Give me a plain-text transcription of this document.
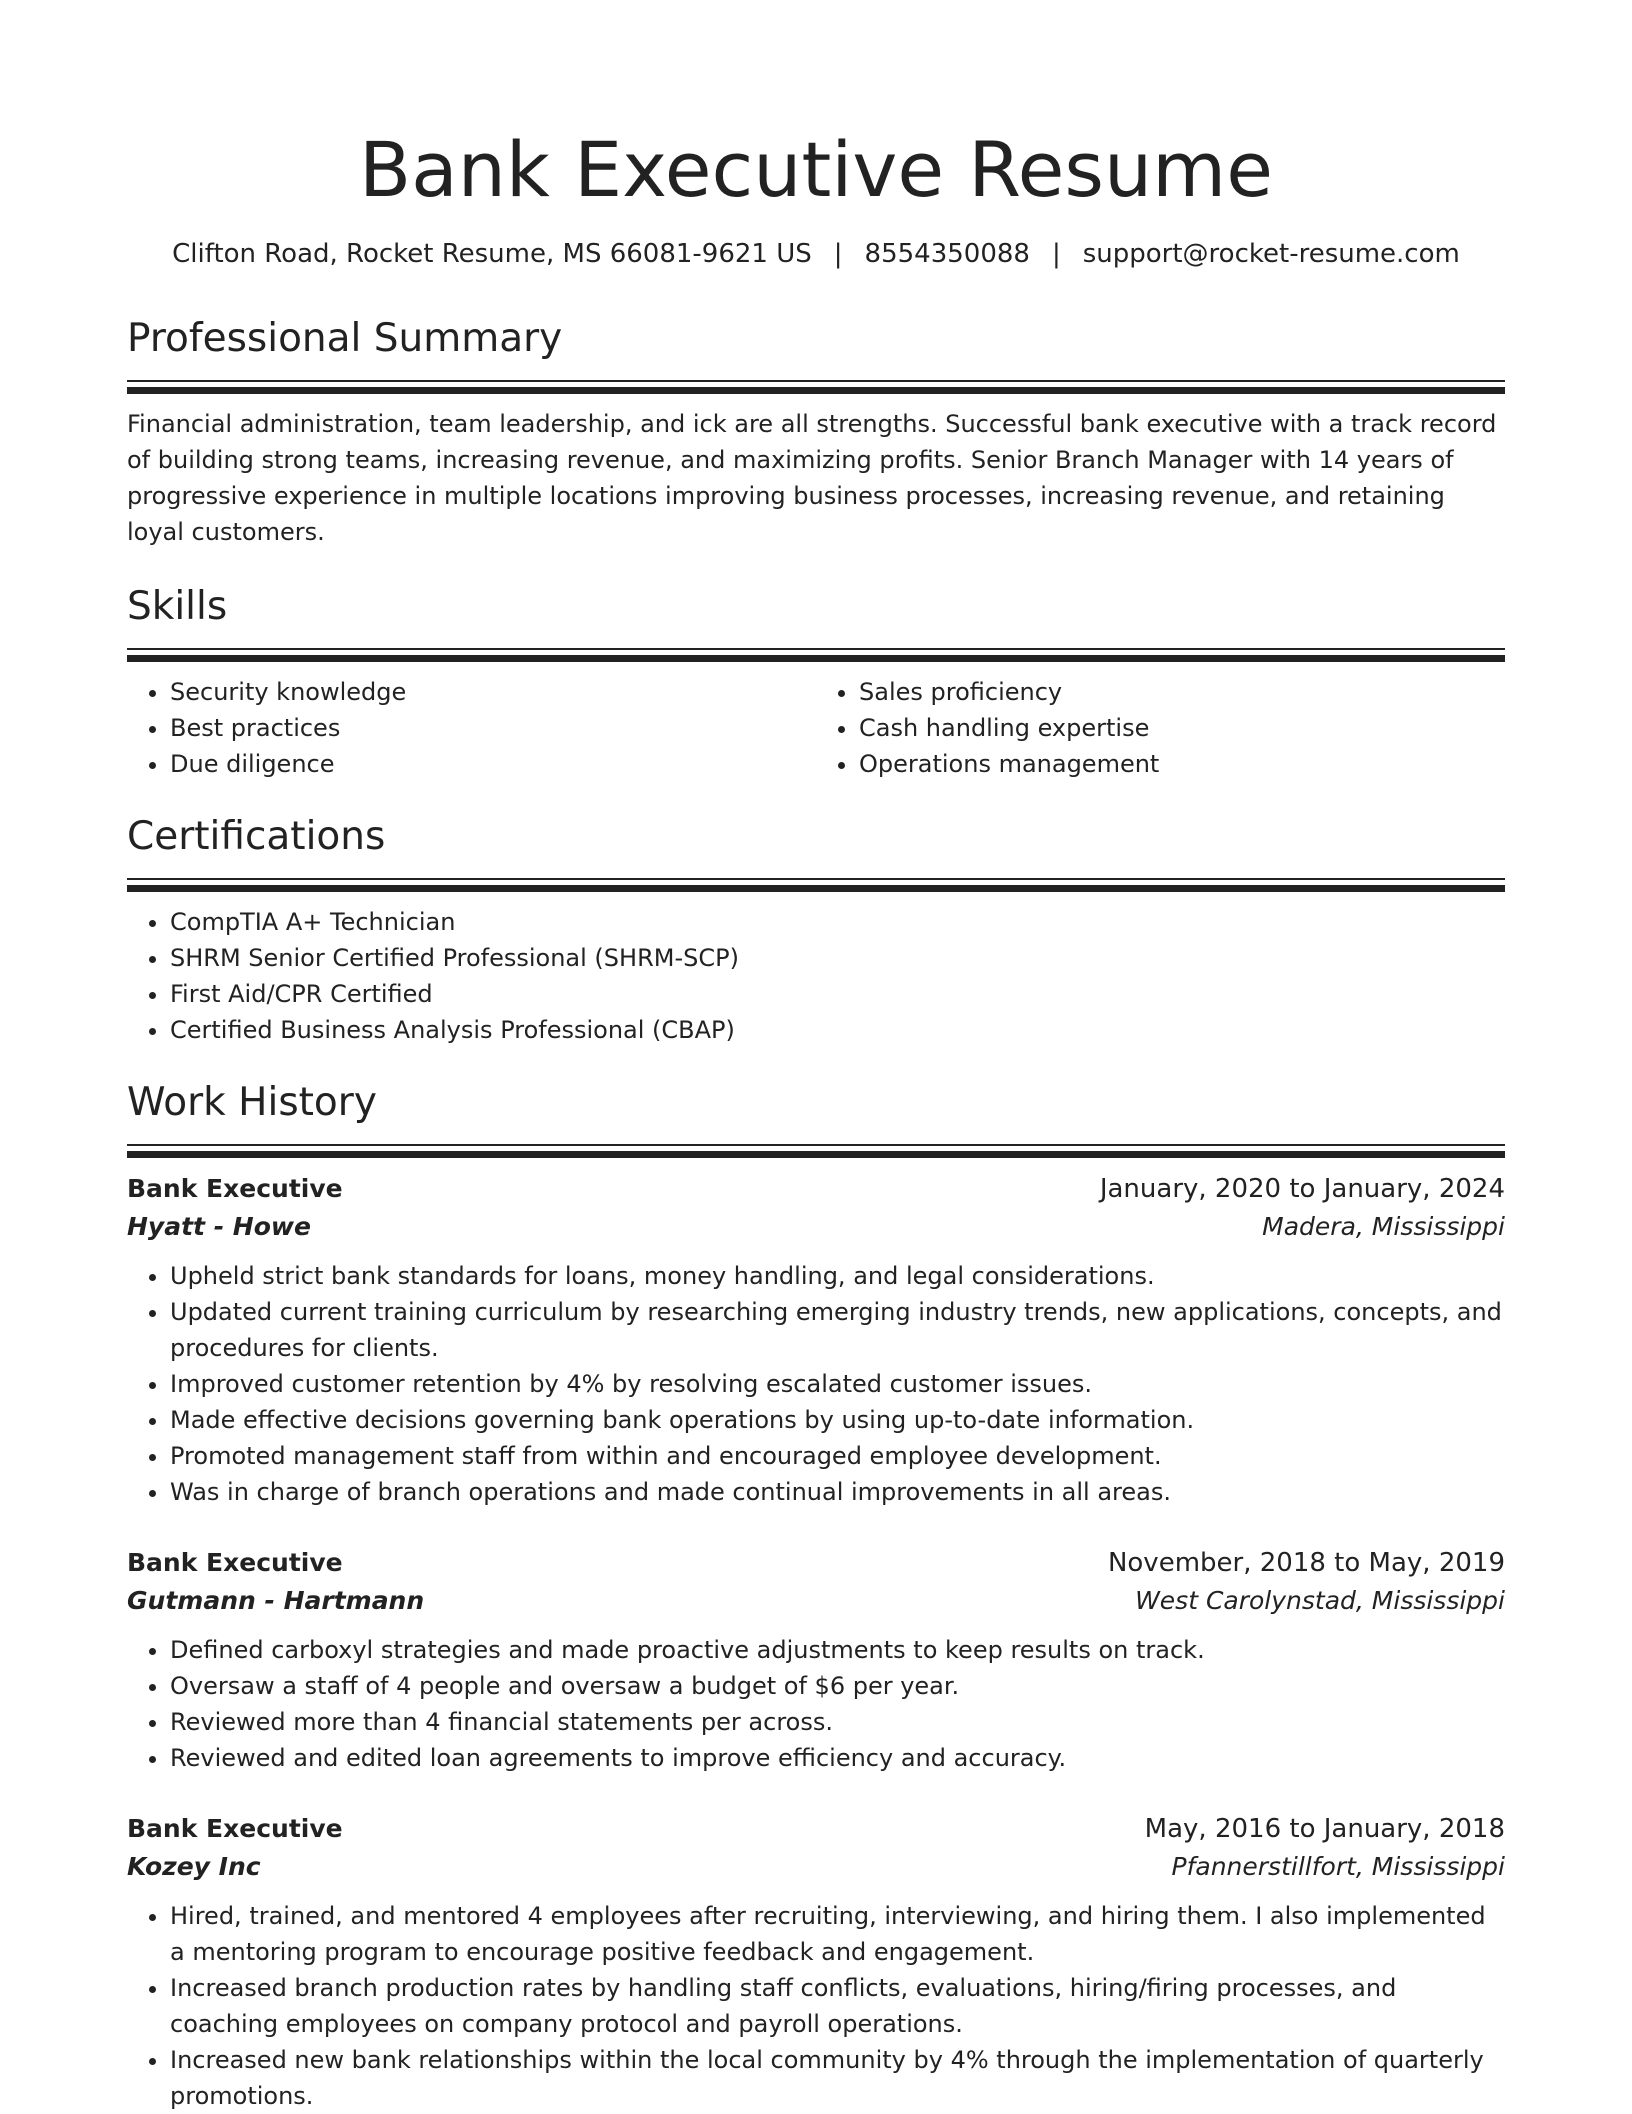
Bank Executive Resume
Clifton Road, Rocket Resume, MS 66081-9621 US | 8554350088 | support@rocket-resume.com
Professional Summary

Financial administration, team leadership, and ick are all strengths. Successful bank executive with a track record of building strong teams, increasing revenue, and maximizing profits. Senior Branch Manager with 14 years of progressive experience in multiple locations improving business processes, increasing revenue, and retaining loyal customers.

Skills
• Security knowledge
• Best practices
• Due diligence
• Sales proficiency
• Cash handling expertise
• Operations management
Certifications
• CompTIA A+ Technician
• SHRM Senior Certified Professional (SHRM-SCP)
• First Aid/CPR Certified
• Certified Business Analysis Professional (CBAP)
Work History
Bank Executive	January, 2020 to January, 2024
Hyatt - Howe	Madera, Mississippi
• Upheld strict bank standards for loans, money handling, and legal considerations.
• Updated current training curriculum by researching emerging industry trends, new applications, concepts, and procedures for clients.
• Improved customer retention by 4% by resolving escalated customer issues.
• Made effective decisions governing bank operations by using up-to-date information.
• Promoted management staff from within and encouraged employee development.
• Was in charge of branch operations and made continual improvements in all areas.
Bank Executive	November, 2018 to May, 2019
Gutmann - Hartmann	West Carolynstad, Mississippi
• Defined carboxyl strategies and made proactive adjustments to keep results on track.
• Oversaw a staff of 4 people and oversaw a budget of $6 per year.
• Reviewed more than 4 financial statements per across.
• Reviewed and edited loan agreements to improve efficiency and accuracy.
Bank Executive	May, 2016 to January, 2018
Kozey Inc	Pfannerstillfort, Mississippi
• Hired, trained, and mentored 4 employees after recruiting, interviewing, and hiring them. I also implemented a mentoring program to encourage positive feedback and engagement.
• Increased branch production rates by handling staff conflicts, evaluations, hiring/firing processes, and coaching employees on company protocol and payroll operations.
• Increased new bank relationships within the local community by 4% through the implementation of quarterly promotions.
